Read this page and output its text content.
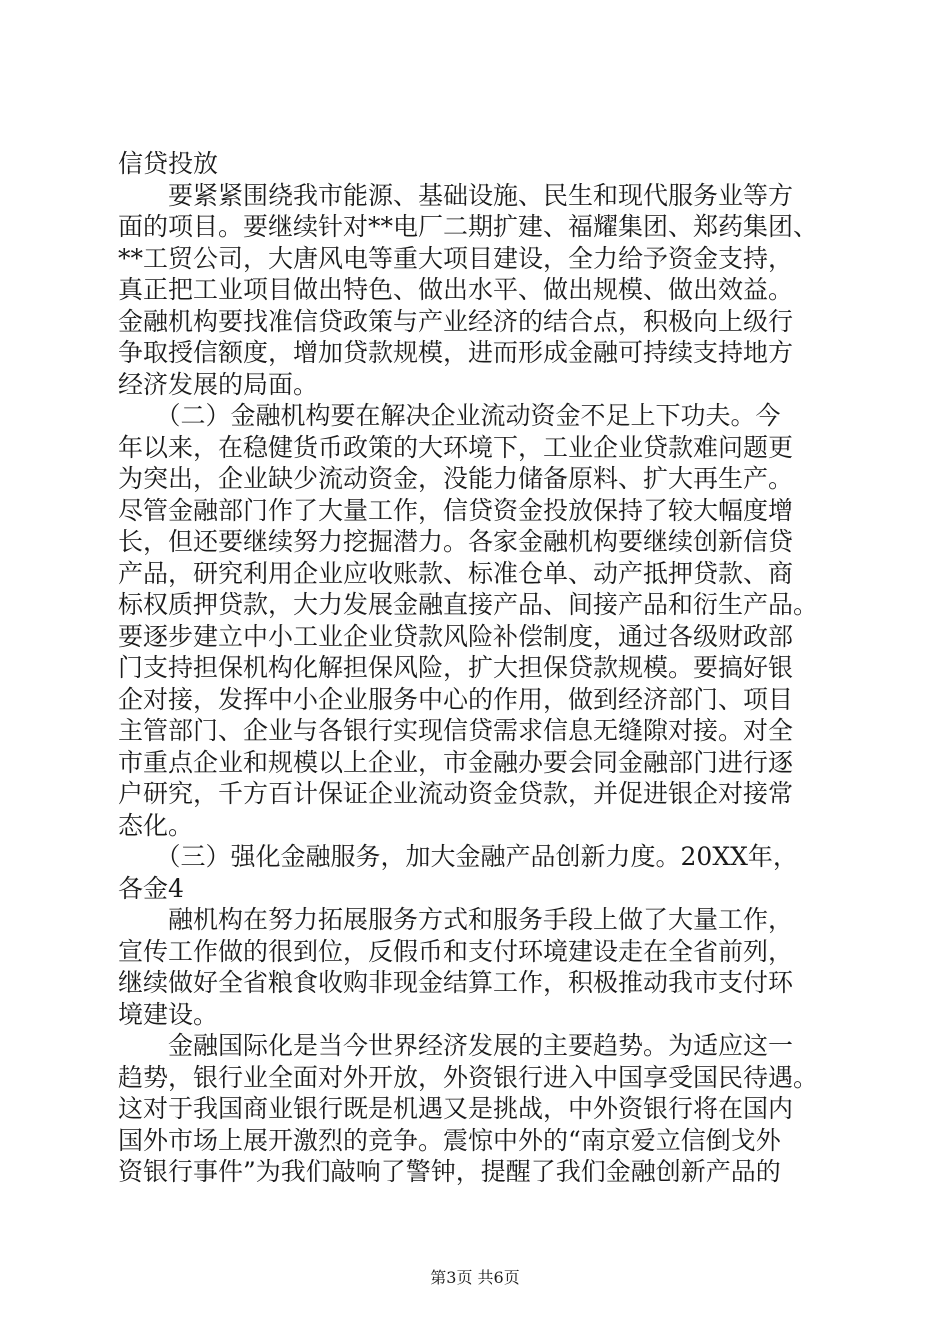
信贷投放
　　要紧紧围绕我市能源、基础设施、民生和现代服务业等方
面的项目。要继续针对**电厂二期扩建、福耀集团、郑药集团、
**工贸公司，大唐风电等重大项目建设，全力给予资金支持，
真正把工业项目做出特色、做出水平、做出规模、做出效益。
金融机构要找准信贷政策与产业经济的结合点，积极向上级行
争取授信额度，增加贷款规模，进而形成金融可持续支持地方
经济发展的局面。
　　（二）金融机构要在解决企业流动资金不足上下功夫。今
年以来，在稳健货币政策的大环境下，工业企业贷款难问题更
为突出，企业缺少流动资金，没能力储备原料、扩大再生产。
尽管金融部门作了大量工作，信贷资金投放保持了较大幅度增
长，但还要继续努力挖掘潜力。各家金融机构要继续创新信贷
产品，研究利用企业应收账款、标准仓单、动产抵押贷款、商
标权质押贷款，大力发展金融直接产品、间接产品和衍生产品。
要逐步建立中小工业企业贷款风险补偿制度，通过各级财政部
门支持担保机构化解担保风险，扩大担保贷款规模。要搞好银
企对接，发挥中小企业服务中心的作用，做到经济部门、项目
主管部门、企业与各银行实现信贷需求信息无缝隙对接。对全
市重点企业和规模以上企业，市金融办要会同金融部门进行逐
户研究，千方百计保证企业流动资金贷款，并促进银企对接常
态化。
　　（三）强化金融服务，加大金融产品创新力度。20XX年，
各金4
　　融机构在努力拓展服务方式和服务手段上做了大量工作，
宣传工作做的很到位，反假币和支付环境建设走在全省前列，
继续做好全省粮食收购非现金结算工作，积极推动我市支付环
境建设。
　　金融国际化是当今世界经济发展的主要趋势。为适应这一
趋势，银行业全面对外开放，外资银行进入中国享受国民待遇。
这对于我国商业银行既是机遇又是挑战，中外资银行将在国内
国外市场上展开激烈的竞争。震惊中外的“南京爱立信倒戈外
资银行事件”为我们敲响了警钟，提醒了我们金融创新产品的
第3页 共6页
